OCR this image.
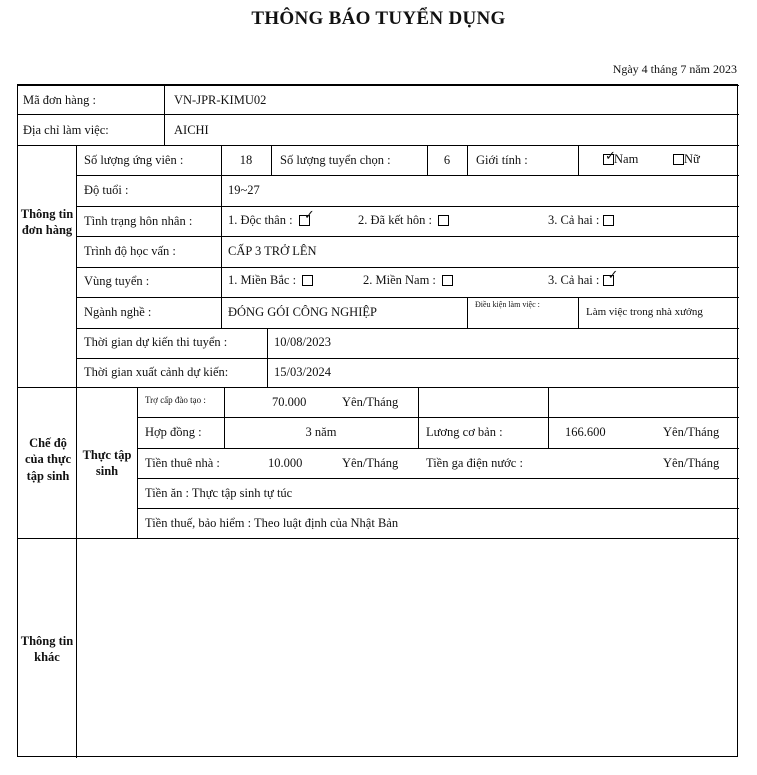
THÔNG BÁO TUYỂN DỤNG
Ngày 4 tháng 7 năm 2023
Mã đơn hàng :	VN-JPR-KIMU02
Địa chỉ làm việc:	AICHI
Thông tin đơn hàng
Số lượng ứng viên :	18	Số lượng tuyển chọn :	6	Giới tính : ✓	Nam	Nữ
Độ tuổi :	19~27
Tình trạng hôn nhân :	1. Độc thân : ✓	2. Đã kết hôn :	3. Cả hai :
Trình độ học vấn :	CẤP 3 TRỞ LÊN
Vùng tuyển :	1. Miền Bắc :	2. Miền Nam :	3. Cả hai : ✓
Ngành nghề :	ĐÓNG GÓI CÔNG NGHIỆP
Điều kiện làm việc :
Làm việc trong nhà xưởng
Thời gian dự kiến thi tuyển :	10/08/2023
Thời gian xuất cảnh dự kiến:	15/03/2024
Chế độ của thực tập sinh
Thực tập sinh
Trợ cấp đào tạo :	70.000	Yên/Tháng
Hợp đồng :	3 năm	Lương cơ bản :	166.600	Yên/Tháng
Tiền thuê nhà :	10.000	Yên/Tháng Tiền ga điện nước :	Yên/Tháng
Tiền ăn : Thực tập sinh tự túc
Tiền thuế, bảo hiểm : Theo luật định của Nhật Bản
Thông tin khác
